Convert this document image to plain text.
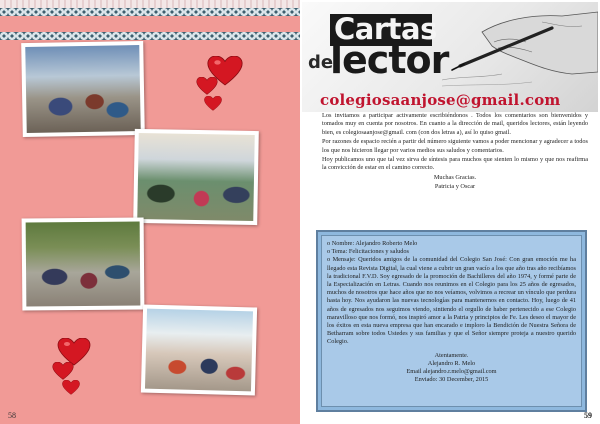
58
Cartas
del
lector
colegiosaanjose@gmail.com

Los invitamos a participar activamente escribiéndonos . Todos los comentarios son bienvenidos y tomados muy en cuenta por nosotros. En cuanto a la dirección de mail, queridos lectores, están leyendo bien, es colegiosaanjose@gmail. com (con dos letras a), así lo quiso gmail.

Por razones de espacio recién a partir del número siguiente vamos a poder mencionar y agradecer a todos los que nos hicieron llegar por varios medios sus saludos y comentarios.

Hoy publicamos uno que tal vez sirva de síntesis para muchos que sienten lo mismo y que nos reafirma la convicción de estar en el camino correcto.

Muchas Gracias.

Patricia y Oscar

o Nombre: Alejandro Roberto Melo
o Tema: Felicitaciones y saludos
o Mensaje: Queridos amigos de la comunidad del Colegio San José: Con gran emoción me ha llegado esta Revista Digital, la cual viene a cubrir un gran vacío a los que año tras año recibíamos la tradicional F.V.D. Soy egresado de la promoción de Bachilleres del año 1974, y formé parte de la Especialización en Letras. Cuando nos reunimos en el Colegio para los 25 años de egresados, muchos de nosotros que hace años que no nos veíamos, volvimos a recrear un vínculo que perdura hasta hoy. Nos ayudaron las nuevas tecnologías para mantenernos en contacto. Hoy, luego de 41 años de egresados nos seguimos viendo, sintiendo el orgullo de haber pertenecido a ese Colegio maravilloso que nos formó, nos inspiró amor a la Patria y principios de Fe. Les deseo el mayor de los éxitos en esta nueva empresa que han encarado e imploro la Bendición de Nuestra Señora de Betharram sobre todos Ustedes y sus familias y que el Señor siempre proteja a nuestro querido Colegio.
Atentamente.
Alejandro R. Melo
Email alejandro.r.melo@gmail.com
Enviado: 30 December, 2015
59
